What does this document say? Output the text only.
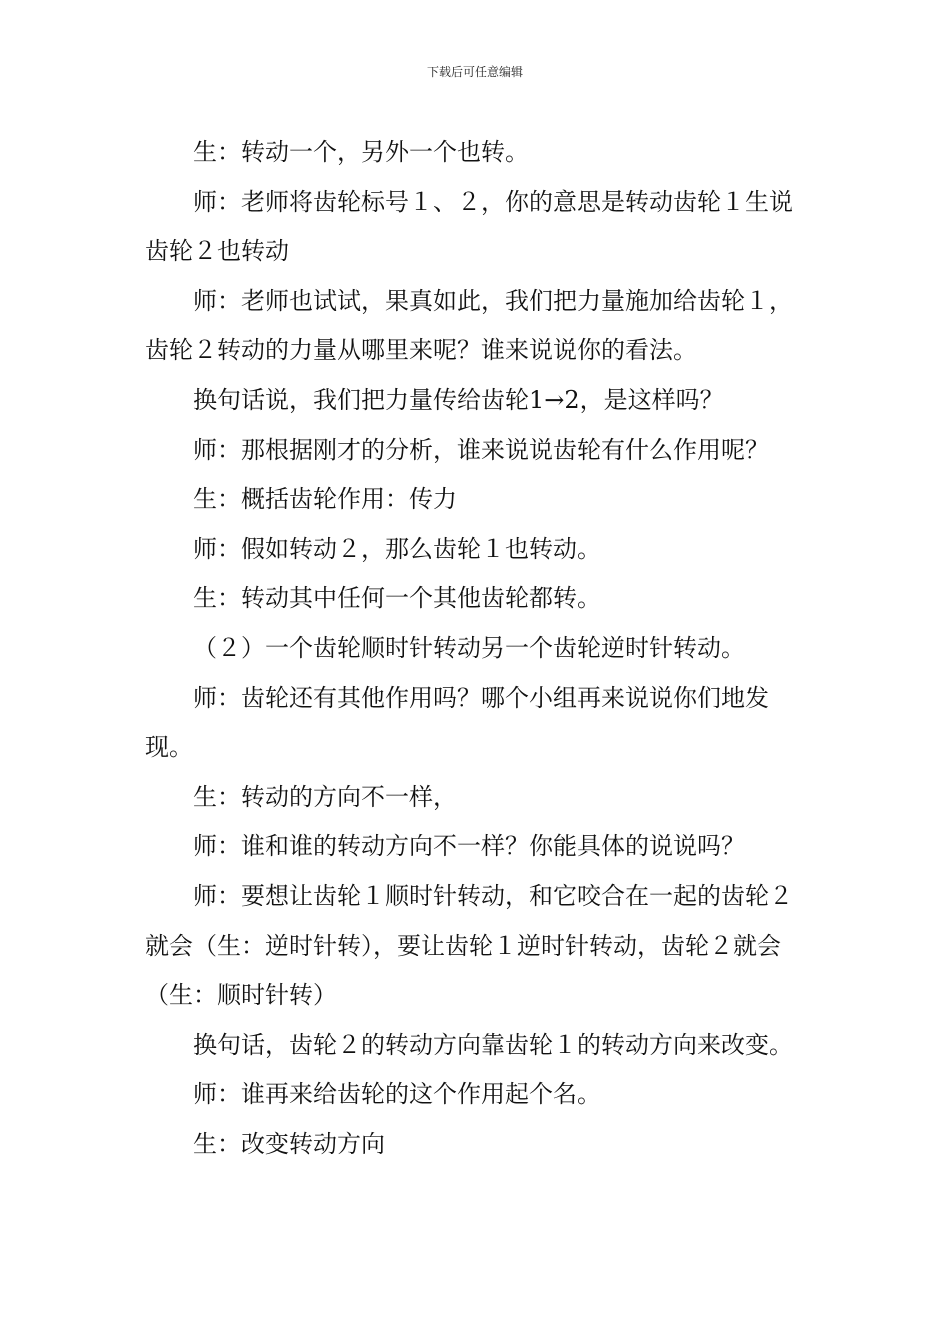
下载后可任意编辑

生：转动一个，另外一个也转。

师：老师将齿轮标号１、２，你的意思是转动齿轮１生说齿轮２也转动

师：老师也试试，果真如此，我们把力量施加给齿轮１，齿轮２转动的力量从哪里来呢？谁来说说你的看法。

换句话说，我们把力量传给齿轮1→2，是这样吗？

师：那根据刚才的分析，谁来说说齿轮有什么作用呢？

生：概括齿轮作用：传力

师：假如转动２，那么齿轮１也转动。

生：转动其中任何一个其他齿轮都转。

（２）一个齿轮顺时针转动另一个齿轮逆时针转动。

师：齿轮还有其他作用吗？哪个小组再来说说你们地发现。

生：转动的方向不一样，

师：谁和谁的转动方向不一样？你能具体的说说吗？

师：要想让齿轮１顺时针转动，和它咬合在一起的齿轮２就会（生：逆时针转），要让齿轮１逆时针转动，齿轮２就会（生：顺时针转）

换句话，齿轮２的转动方向靠齿轮１的转动方向来改变。

师：谁再来给齿轮的这个作用起个名。

生：改变转动方向
